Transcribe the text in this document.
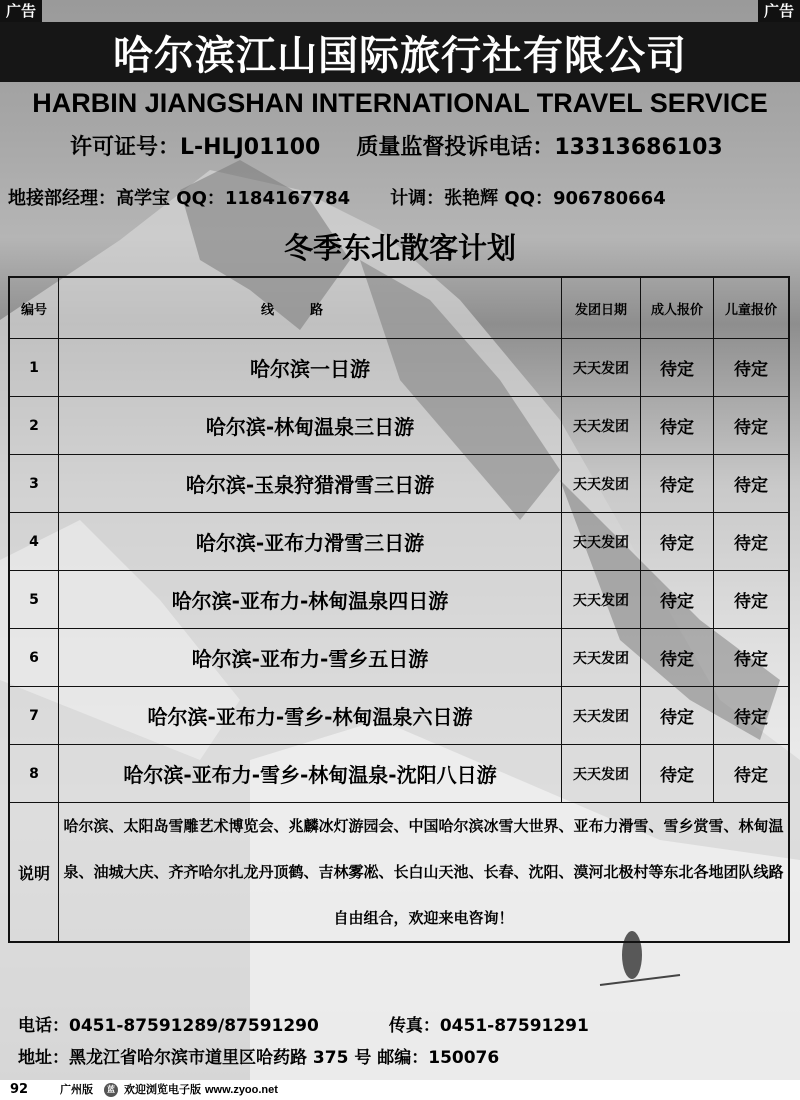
广告	广告
哈尔滨江山国际旅行社有限公司
HARBIN JIANGSHAN INTERNATIONAL TRAVEL SERVICE
许可证号：L-HLJ01100 质量监督投诉电话：13313686103
地接部经理：高学宝 QQ：1184167784 计调：张艳辉 QQ：906780664
冬季东北散客计划
编号	线路	发团日期	成人报价	儿童报价
1	哈尔滨一日游	天天发团	待定	待定
2	哈尔滨-林甸温泉三日游	天天发团	待定	待定
3	哈尔滨-玉泉狩猎滑雪三日游	天天发团	待定	待定
4	哈尔滨-亚布力滑雪三日游	天天发团	待定	待定
5	哈尔滨-亚布力-林甸温泉四日游	天天发团	待定	待定
6	哈尔滨-亚布力-雪乡五日游	天天发团	待定	待定
7	哈尔滨-亚布力-雪乡-林甸温泉六日游	天天发团	待定	待定
8	哈尔滨-亚布力-雪乡-林甸温泉-沈阳八日游	天天发团	待定	待定
说明	哈尔滨、太阳岛雪雕艺术博览会、兆麟冰灯游园会、中国哈尔滨冰雪大世界、亚布力滑雪、雪乡赏雪、林甸温泉、油城大庆、齐齐哈尔扎龙丹顶鹤、吉林雾凇、长白山天池、长春、沈阳、漠河北极村等东北各地团队线路自由组合，欢迎来电咨询！			
电话：0451-87591289/87591290	传真：0451-87591291
地址：黑龙江省哈尔滨市道里区哈药路 375 号 邮编：150076
92	广州版	蓝 欢迎浏览电子版 www.zyoo.net
